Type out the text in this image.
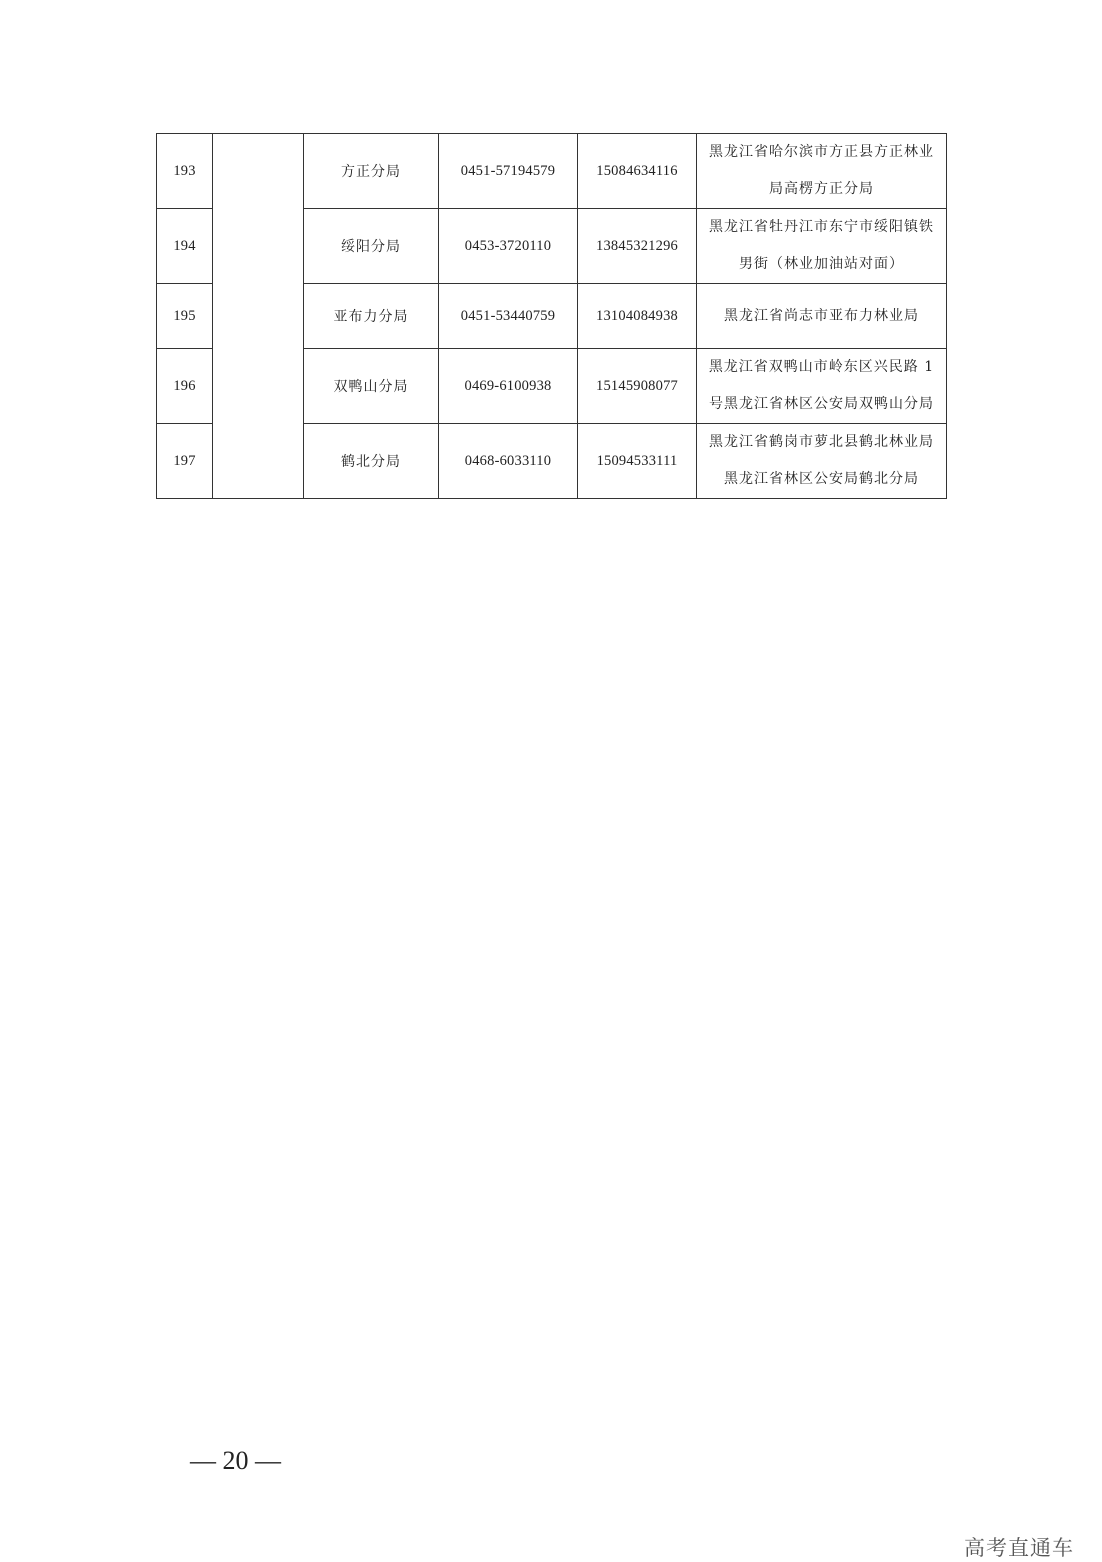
193		方正分局	0451-57194579	15084634116	黑龙江省哈尔滨市方正县方正林业
局高楞方正分局

194		绥阳分局	0453-3720110	13845321296	黑龙江省牡丹江市东宁市绥阳镇铁
男街（林业加油站对面）

195		亚布力分局	0451-53440759	13104084938	黑龙江省尚志市亚布力林业局

196		双鸭山分局	0469-6100938	15145908077	黑龙江省双鸭山市岭东区兴民路 1
号黑龙江省林区公安局双鸭山分局

197		鹤北分局	0468-6033110	15094533111	黑龙江省鹤岗市萝北县鹤北林业局
黑龙江省林区公安局鹤北分局
— 20 —
高考直通车
